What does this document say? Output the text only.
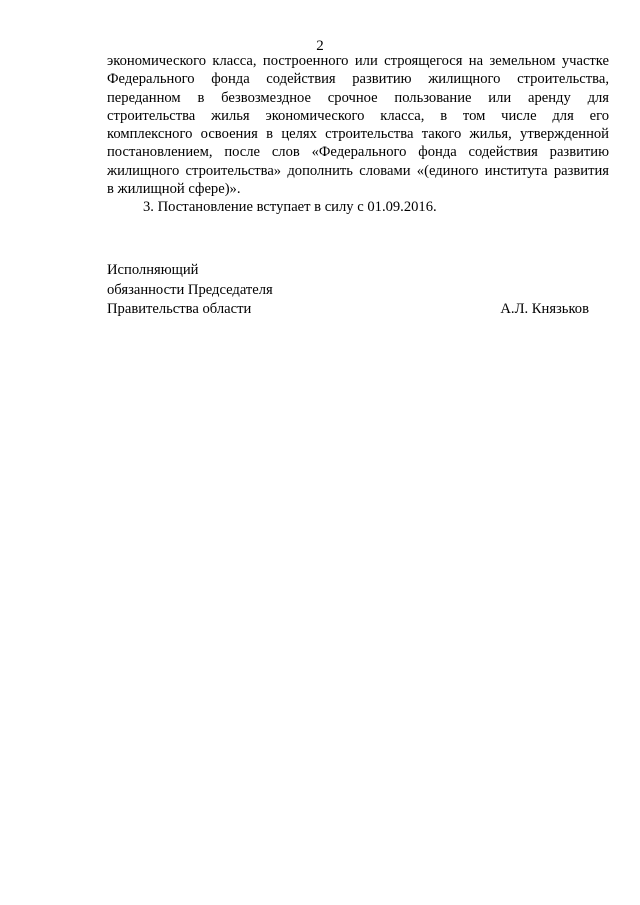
2
экономического класса, построенного или строящегося на земельном участке
Федерального фонда содействия развитию жилищного строительства,
переданном в безвозмездное срочное пользование или аренду для
строительства жилья экономического класса, в том числе для его
комплексного освоения в целях строительства такого жилья, утвержденной
постановлением, после слов «Федерального фонда содействия развитию
жилищного строительства» дополнить словами «(единого института развития
в жилищной сфере)».

3. Постановление вступает в силу с 01.09.2016.

Исполняющий
обязанности Председателя
Правительства области	А.Л. Князьков
